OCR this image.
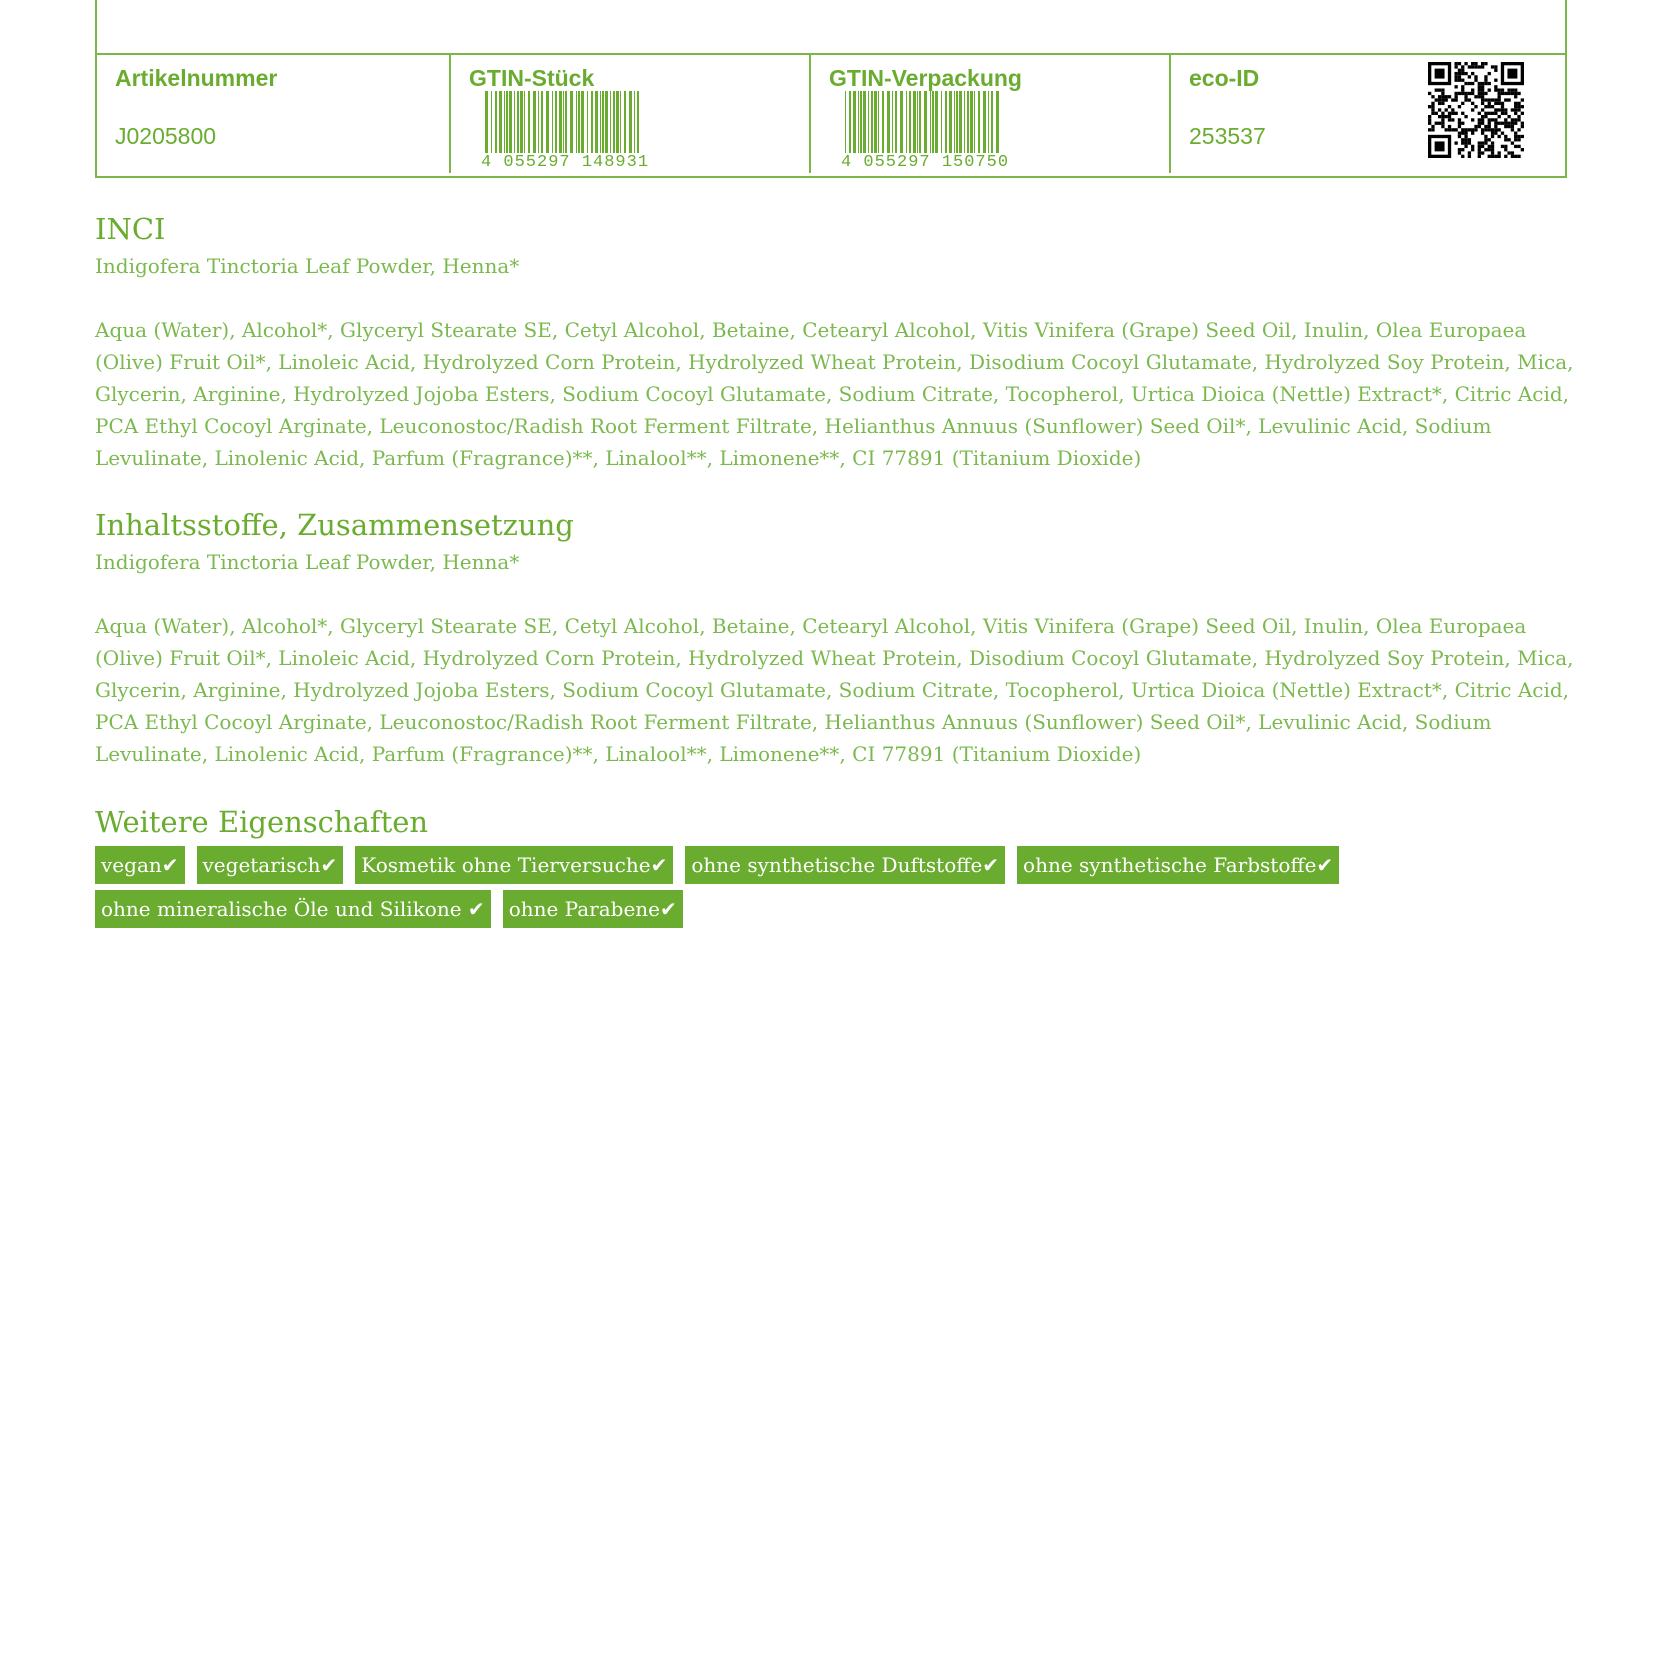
Artikelnummer
J0205800
GTIN-Stück
4 055297 148931
GTIN-Verpackung
4 055297 150750
eco-ID
253537
INCI

Indigofera Tinctoria Leaf Powder, Henna*

Aqua (Water), Alcohol*, Glyceryl Stearate SE, Cetyl Alcohol, Betaine, Cetearyl Alcohol, Vitis Vinifera (Grape) Seed Oil, Inulin, Olea Europaea (Olive) Fruit Oil*, Linoleic Acid, Hydrolyzed Corn Protein, Hydrolyzed Wheat Protein, Disodium Cocoyl Glutamate, Hydrolyzed Soy Protein, Mica, Glycerin, Arginine, Hydrolyzed Jojoba Esters, Sodium Cocoyl Glutamate, Sodium Citrate, Tocopherol, Urtica Dioica (Nettle) Extract*, Citric Acid, PCA Ethyl Cocoyl Arginate, Leuconostoc/Radish Root Ferment Filtrate, Helianthus Annuus (Sunflower) Seed Oil*, Levulinic Acid, Sodium Levulinate, Linolenic Acid, Parfum (Fragrance)**, Linalool**, Limonene**, CI 77891 (Titanium Dioxide)

Inhaltsstoffe, Zusammensetzung

Indigofera Tinctoria Leaf Powder, Henna*

Aqua (Water), Alcohol*, Glyceryl Stearate SE, Cetyl Alcohol, Betaine, Cetearyl Alcohol, Vitis Vinifera (Grape) Seed Oil, Inulin, Olea Europaea (Olive) Fruit Oil*, Linoleic Acid, Hydrolyzed Corn Protein, Hydrolyzed Wheat Protein, Disodium Cocoyl Glutamate, Hydrolyzed Soy Protein, Mica, Glycerin, Arginine, Hydrolyzed Jojoba Esters, Sodium Cocoyl Glutamate, Sodium Citrate, Tocopherol, Urtica Dioica (Nettle) Extract*, Citric Acid, PCA Ethyl Cocoyl Arginate, Leuconostoc/Radish Root Ferment Filtrate, Helianthus Annuus (Sunflower) Seed Oil*, Levulinic Acid, Sodium Levulinate, Linolenic Acid, Parfum (Fragrance)**, Linalool**, Limonene**, CI 77891 (Titanium Dioxide)

Weitere Eigenschaften
vegan✔ vegetarisch✔ Kosmetik ohne Tierversuche✔ ohne synthetische Duftstoffe✔ ohne synthetische Farbstoffe✔
ohne mineralische Öle und Silikone ✔ ohne Parabene✔
